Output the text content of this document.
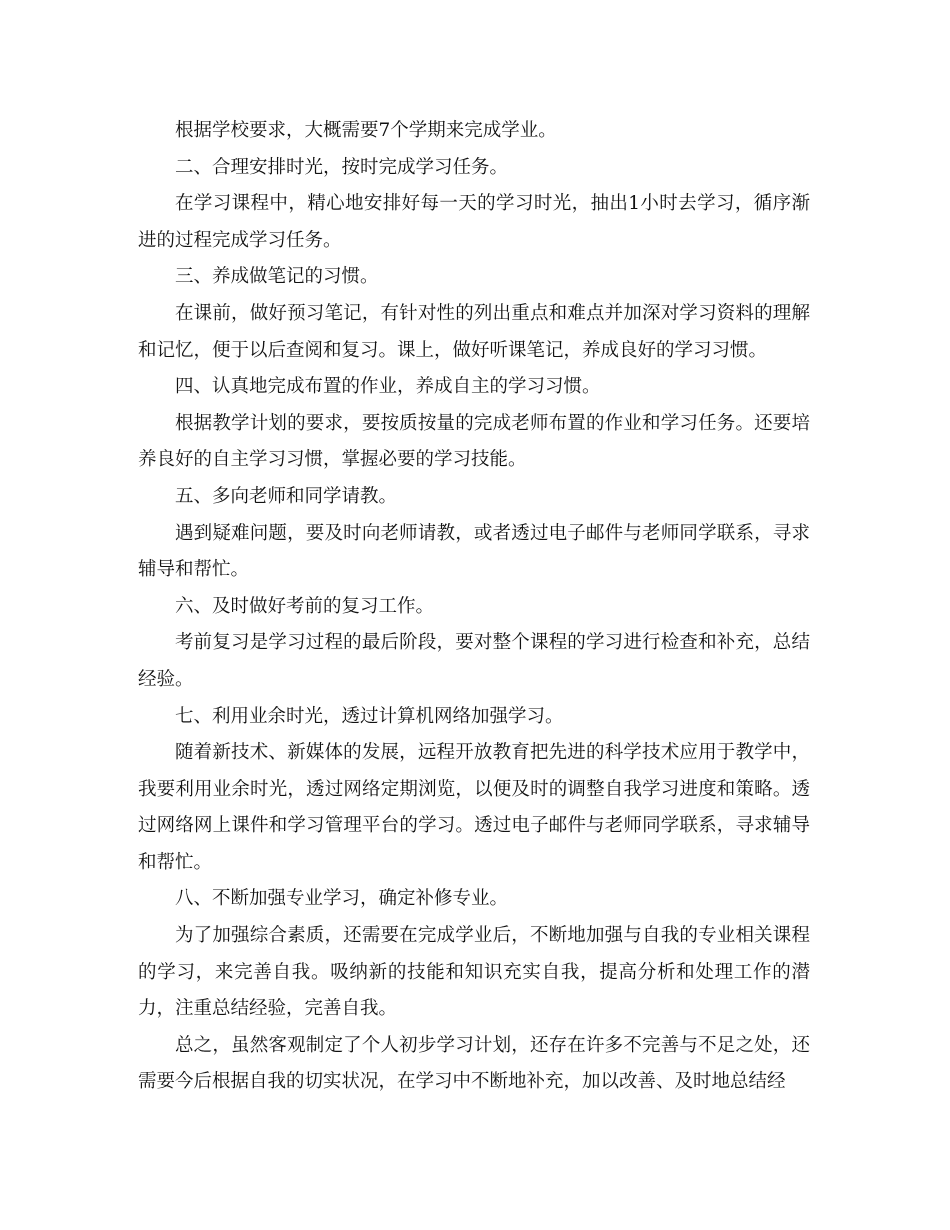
根据学校要求，大概需要7个学期来完成学业。

二、合理安排时光，按时完成学习任务。

在学习课程中，精心地安排好每一天的学习时光，抽出1小时去学习，循序渐进的过程完成学习任务。

三、养成做笔记的习惯。

在课前，做好预习笔记，有针对性的列出重点和难点并加深对学习资料的理解和记忆，便于以后查阅和复习。课上，做好听课笔记，养成良好的学习习惯。

四、认真地完成布置的作业，养成自主的学习习惯。

根据教学计划的要求，要按质按量的完成老师布置的作业和学习任务。还要培养良好的自主学习习惯，掌握必要的学习技能。

五、多向老师和同学请教。

遇到疑难问题，要及时向老师请教，或者透过电子邮件与老师同学联系，寻求辅导和帮忙。

六、及时做好考前的复习工作。

考前复习是学习过程的最后阶段，要对整个课程的学习进行检查和补充，总结经验。

七、利用业余时光，透过计算机网络加强学习。

随着新技术、新媒体的发展，远程开放教育把先进的科学技术应用于教学中，我要利用业余时光，透过网络定期浏览，以便及时的调整自我学习进度和策略。透过网络网上课件和学习管理平台的学习。透过电子邮件与老师同学联系，寻求辅导和帮忙。

八、不断加强专业学习，确定补修专业。

为了加强综合素质，还需要在完成学业后，不断地加强与自我的专业相关课程的学习，来完善自我。吸纳新的技能和知识充实自我，提高分析和处理工作的潜力，注重总结经验，完善自我。

总之，虽然客观制定了个人初步学习计划，还存在许多不完善与不足之处，还需要今后根据自我的切实状况，在学习中不断地补充，加以改善、及时地总结经
